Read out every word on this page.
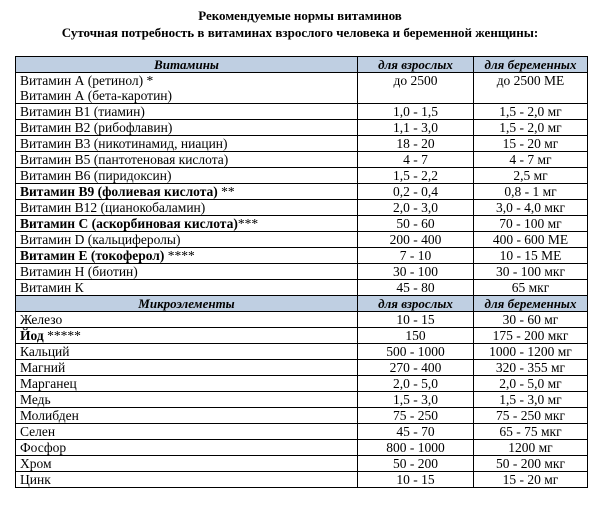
Рекомендуемые нормы витаминов
Суточная потребность в витаминах взрослого человека и беременной женщины:
Витамины	для взрослых	для беременных

Витамин А (ретинол) *
Витамин А (бета-каротин)	до 2500	до 2500 МЕ

Витамин В1 (тиамин)	1,0 - 1,5	1,5 - 2,0 мг

Витамин В2 (рибофлавин)	1,1 - 3,0	1,5 - 2,0 мг

Витамин В3 (никотинамид, ниацин)	18 - 20	15 - 20 мг

Витамин В5 (пантотеновая кислота)	4 - 7	4 - 7 мг

Витамин В6 (пиридоксин)	1,5 - 2,2	2,5 мг

Витамин В9 (фолиевая кислота) **	0,2 - 0,4	0,8 - 1 мг

Витамин В12 (цианокобаламин)	2,0 - 3,0	3,0 - 4,0 мкг

Витамин С (аскорбиновая кислота)***	50 - 60	70 - 100 мг

Витамин D (кальциферолы)	200 - 400	400 - 600 МЕ

Витамин Е (токоферол) ****	7 - 10	10 - 15 МЕ

Витамин Н (биотин)	30 - 100	30 - 100 мкг

Витамин К	45 - 80	65 мкг
Микроэлементы	для взрослых	для беременных

Железо	10 - 15	30 - 60 мг

Йод *****	150	175 - 200 мкг

Кальций	500 - 1000	1000 - 1200 мг

Магний	270 - 400	320 - 355 мг

Марганец	2,0 - 5,0	2,0 - 5,0 мг

Медь	1,5 - 3,0	1,5 - 3,0 мг

Молибден	75 - 250	75 - 250 мкг

Селен	45 - 70	65 - 75 мкг

Фосфор	800 - 1000	1200 мг

Хром	50 - 200	50 - 200 мкг

Цинк	10 - 15	15 - 20 мг
